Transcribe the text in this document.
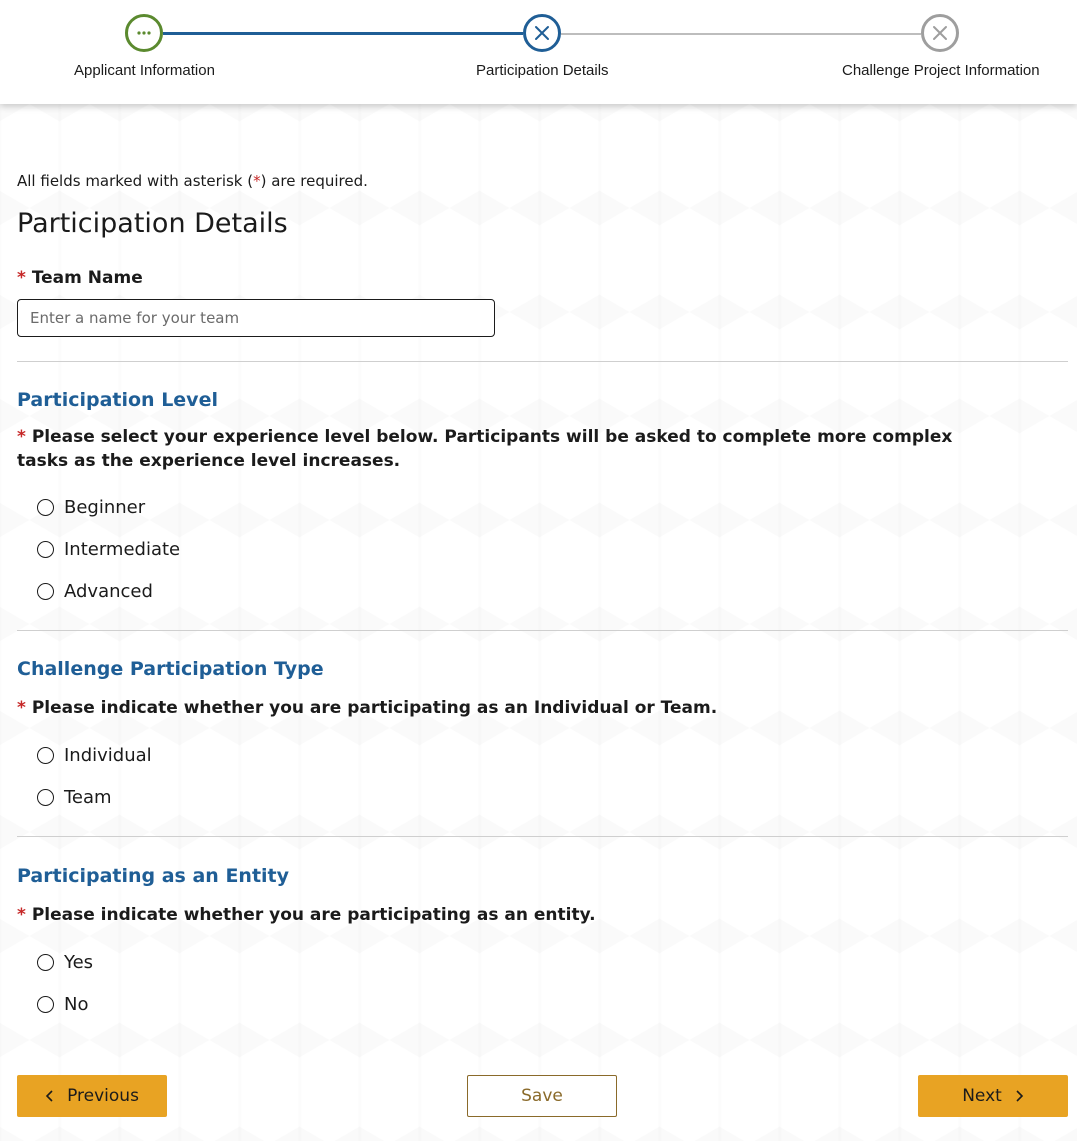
Applicant Information	Participation Details	Challenge Project Information

All fields marked with asterisk (*) are required.

Participation Details
* Team Name
Enter a name for your team
Participation Level

* Please select your experience level below. Participants will be asked to complete more complex tasks as the experience level increases.

Beginner
Intermediate
Advanced
Challenge Participation Type

* Please indicate whether you are participating as an Individual or Team.

Individual
Team
Participating as an Entity

* Please indicate whether you are participating as an entity.

Yes
No
Previous	Save	Next
